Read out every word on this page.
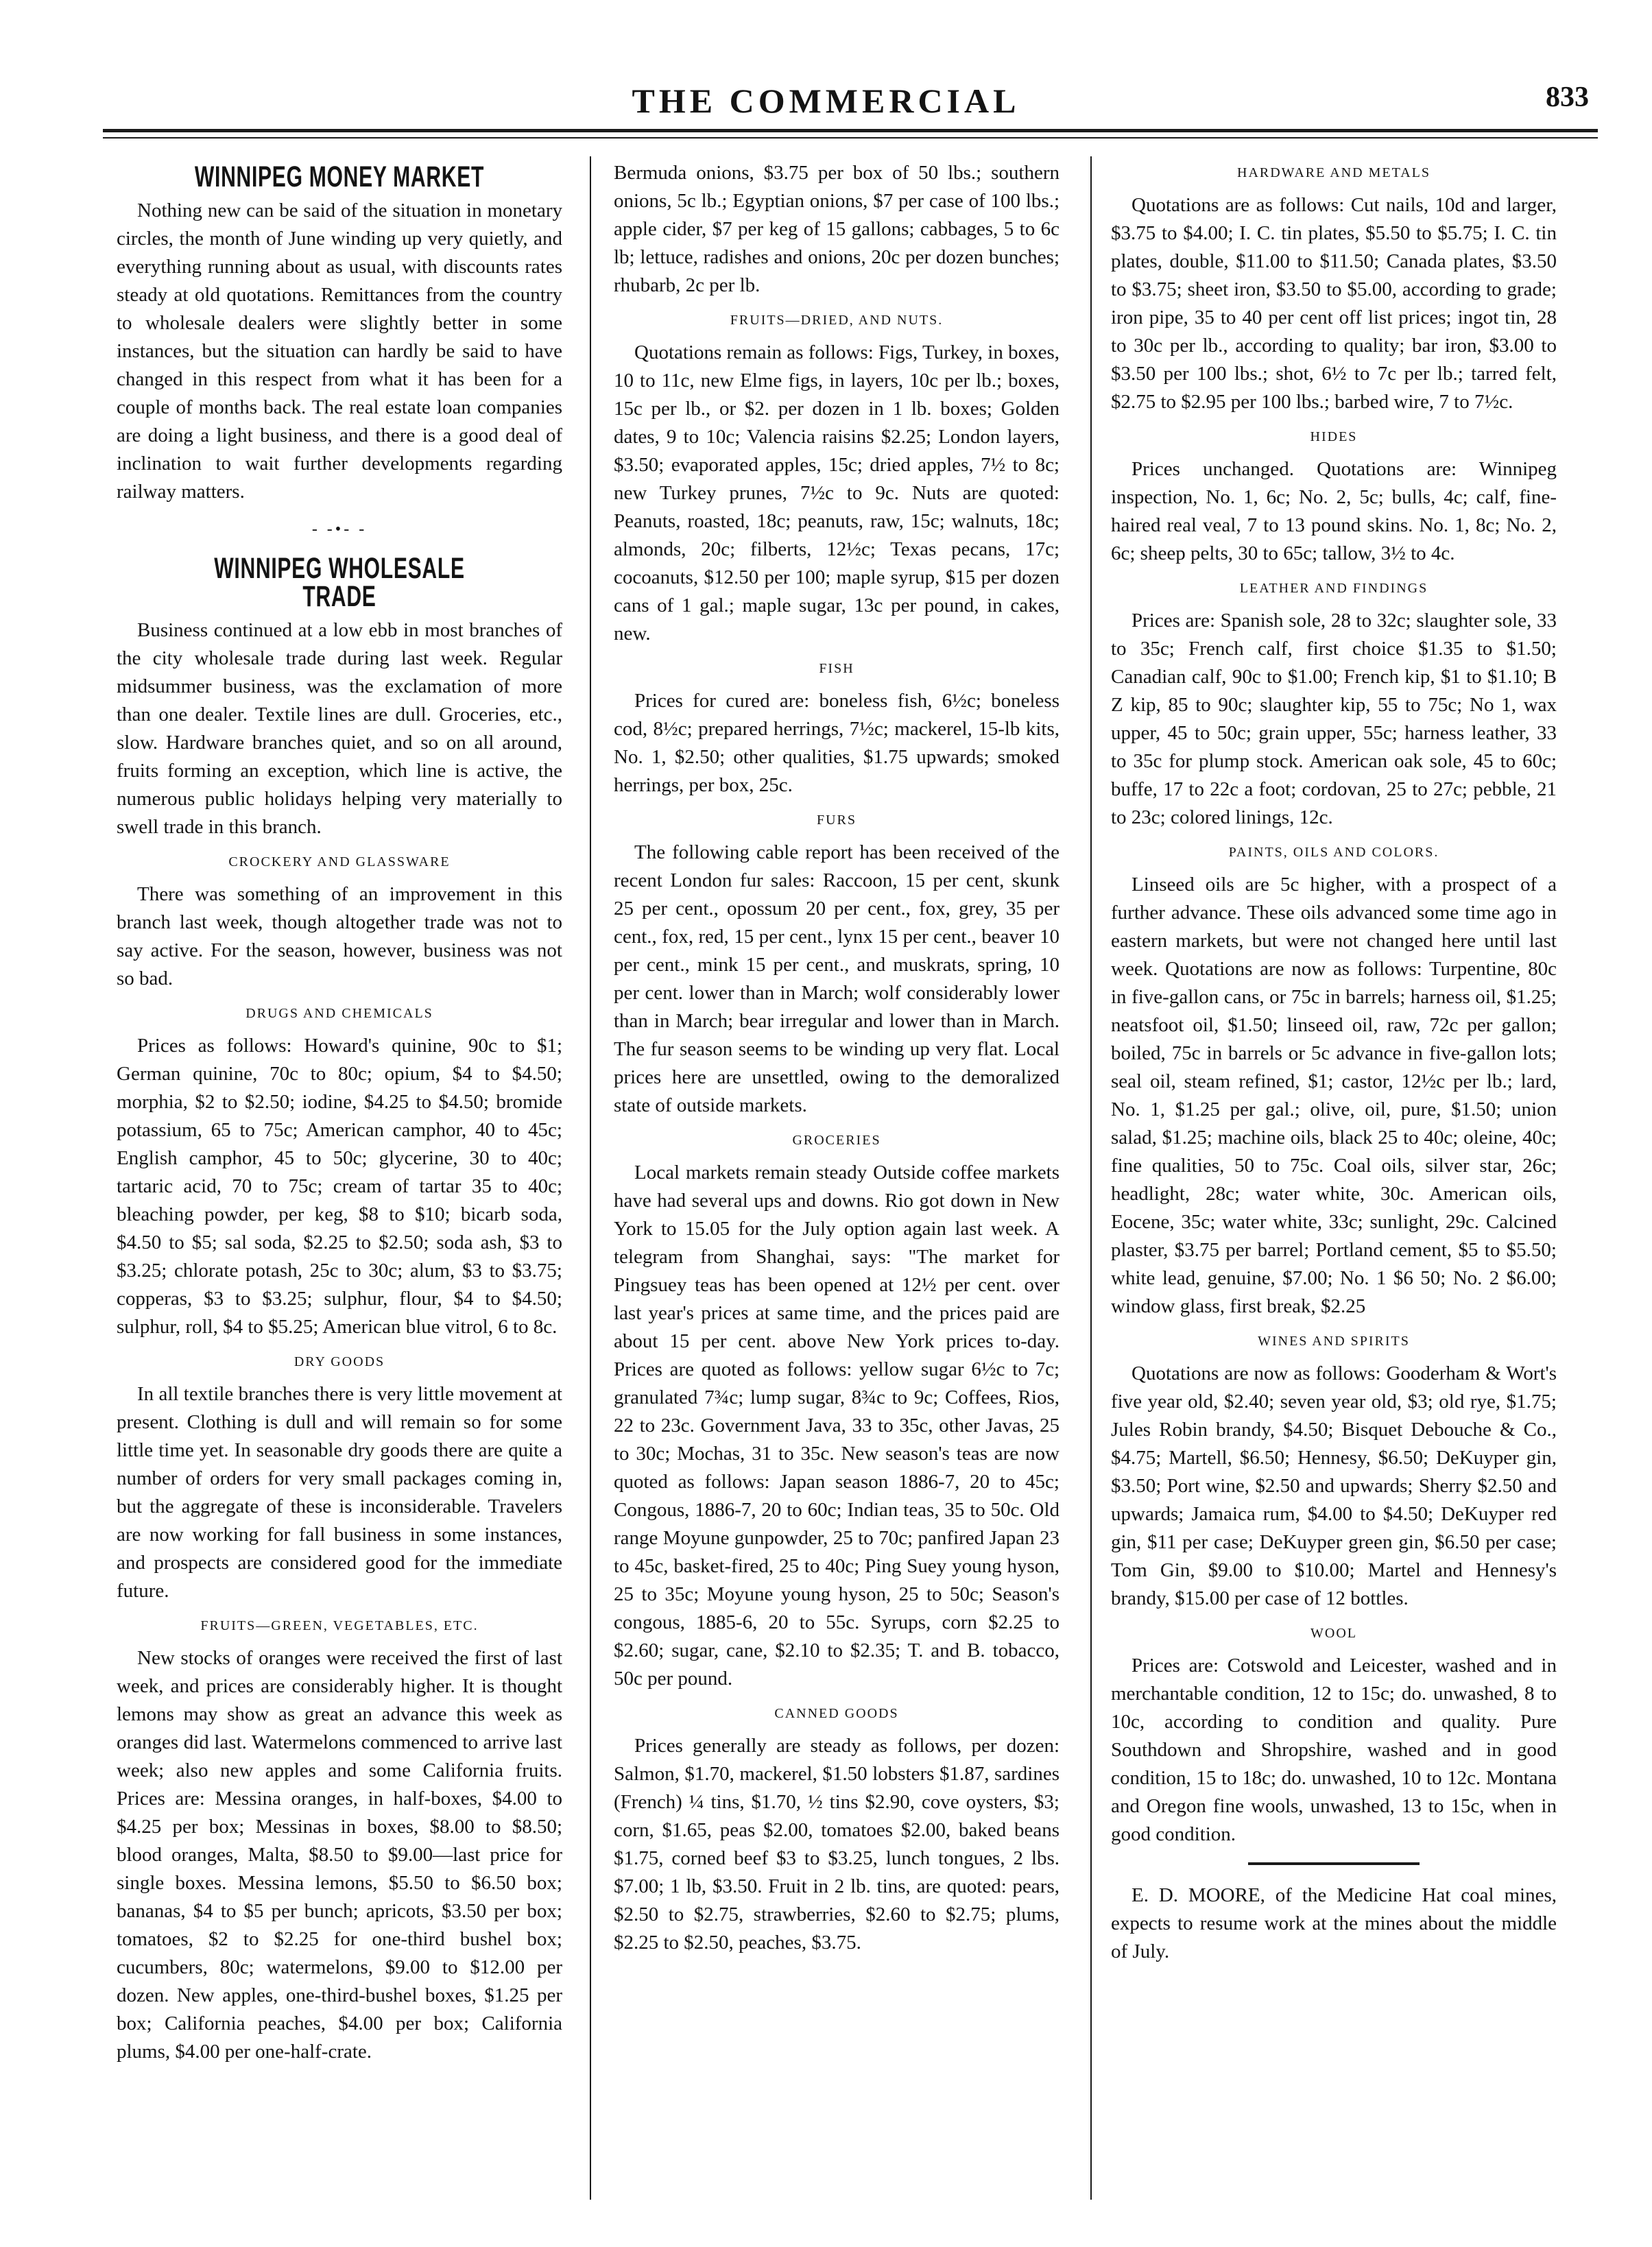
THE COMMERCIAL	833
WINNIPEG MONEY MARKET

Nothing new can be said of the situation in monetary circles, the month of June winding up very quietly, and everything running about as usual, with discounts rates steady at old quotations. Remittances from the country to wholesale dealers were slightly better in some instances, but the situation can hardly be said to have changed in this respect from what it has been for a couple of months back. The real estate loan companies are doing a light business, and there is a good deal of inclination to wait further developments regarding railway matters.

- -•- -
WINNIPEG WHOLESALE TRADE

Business continued at a low ebb in most branches of the city wholesale trade during last week. Regular midsummer business, was the exclamation of more than one dealer. Textile lines are dull. Groceries, etc., slow. Hardware branches quiet, and so on all around, fruits forming an exception, which line is active, the numerous public holidays helping very materially to swell trade in this branch.

CROCKERY AND GLASSWARE

There was something of an improvement in this branch last week, though altogether trade was not to say active. For the season, however, business was not so bad.

DRUGS AND CHEMICALS

Prices as follows: Howard's quinine, 90c to $1; German quinine, 70c to 80c; opium, $4 to $4.50; morphia, $2 to $2.50; iodine, $4.25 to $4.50; bromide potassium, 65 to 75c; American camphor, 40 to 45c; English camphor, 45 to 50c; glycerine, 30 to 40c; tartaric acid, 70 to 75c; cream of tartar 35 to 40c; bleaching powder, per keg, $8 to $10; bicarb soda, $4.50 to $5; sal soda, $2.25 to $2.50; soda ash, $3 to $3.25; chlorate potash, 25c to 30c; alum, $3 to $3.75; copperas, $3 to $3.25; sulphur, flour, $4 to $4.50; sulphur, roll, $4 to $5.25; American blue vitrol, 6 to 8c.

DRY GOODS

In all textile branches there is very little movement at present. Clothing is dull and will remain so for some little time yet. In seasonable dry goods there are quite a number of orders for very small packages coming in, but the aggregate of these is inconsiderable. Travelers are now working for fall business in some instances, and prospects are considered good for the immediate future.

FRUITS—GREEN, VEGETABLES, ETC.

New stocks of oranges were received the first of last week, and prices are considerably higher. It is thought lemons may show as great an advance this week as oranges did last. Watermelons commenced to arrive last week; also new apples and some California fruits. Prices are: Messina oranges, in half-boxes, $4.00 to $4.25 per box; Messinas in boxes, $8.00 to $8.50; blood oranges, Malta, $8.50 to $9.00—last price for single boxes. Messina lemons, $5.50 to $6.50 box; bananas, $4 to $5 per bunch; apricots, $3.50 per box; tomatoes, $2 to $2.25 for one-third bushel box; cucumbers, 80c; watermelons, $9.00 to $12.00 per dozen. New apples, one-third-bushel boxes, $1.25 per box; California peaches, $4.00 per box; California plums, $4.00 per one-half-crate.

Bermuda onions, $3.75 per box of 50 lbs.; southern onions, 5c lb.; Egyptian onions, $7 per case of 100 lbs.; apple cider, $7 per keg of 15 gallons; cabbages, 5 to 6c lb; lettuce, radishes and onions, 20c per dozen bunches; rhubarb, 2c per lb.

FRUITS—DRIED, AND NUTS.

Quotations remain as follows: Figs, Turkey, in boxes, 10 to 11c, new Elme figs, in layers, 10c per lb.; boxes, 15c per lb., or $2. per dozen in 1 lb. boxes; Golden dates, 9 to 10c; Valencia raisins $2.25; London layers, $3.50; evaporated apples, 15c; dried apples, 7½ to 8c; new Turkey prunes, 7½c to 9c. Nuts are quoted: Peanuts, roasted, 18c; peanuts, raw, 15c; walnuts, 18c; almonds, 20c; filberts, 12½c; Texas pecans, 17c; cocoanuts, $12.50 per 100; maple syrup, $15 per dozen cans of 1 gal.; maple sugar, 13c per pound, in cakes, new.

FISH

Prices for cured are: boneless fish, 6½c; boneless cod, 8½c; prepared herrings, 7½c; mackerel, 15-lb kits, No. 1, $2.50; other qualities, $1.75 upwards; smoked herrings, per box, 25c.

FURS

The following cable report has been received of the recent London fur sales: Raccoon, 15 per cent, skunk 25 per cent., opossum 20 per cent., fox, grey, 35 per cent., fox, red, 15 per cent., lynx 15 per cent., beaver 10 per cent., mink 15 per cent., and muskrats, spring, 10 per cent. lower than in March; wolf considerably lower than in March; bear irregular and lower than in March. The fur season seems to be winding up very flat. Local prices here are unsettled, owing to the demoralized state of outside markets.

GROCERIES

Local markets remain steady Outside coffee markets have had several ups and downs. Rio got down in New York to 15.05 for the July option again last week. A telegram from Shanghai, says: "The market for Pingsuey teas has been opened at 12½ per cent. over last year's prices at same time, and the prices paid are about 15 per cent. above New York prices to-day. Prices are quoted as follows: yellow sugar 6½c to 7c; granulated 7¾c; lump sugar, 8¾c to 9c; Coffees, Rios, 22 to 23c. Government Java, 33 to 35c, other Javas, 25 to 30c; Mochas, 31 to 35c. New season's teas are now quoted as follows: Japan season 1886-7, 20 to 45c; Congous, 1886-7, 20 to 60c; Indian teas, 35 to 50c. Old range Moyune gunpowder, 25 to 70c; panfired Japan 23 to 45c, basket-fired, 25 to 40c; Ping Suey young hyson, 25 to 35c; Moyune young hyson, 25 to 50c; Season's congous, 1885-6, 20 to 55c. Syrups, corn $2.25 to $2.60; sugar, cane, $2.10 to $2.35; T. and B. tobacco, 50c per pound.

CANNED GOODS

Prices generally are steady as follows, per dozen: Salmon, $1.70, mackerel, $1.50 lobsters $1.87, sardines (French) ¼ tins, $1.70, ½ tins $2.90, cove oysters, $3; corn, $1.65, peas $2.00, tomatoes $2.00, baked beans $1.75, corned beef $3 to $3.25, lunch tongues, 2 lbs. $7.00; 1 lb, $3.50. Fruit in 2 lb. tins, are quoted: pears, $2.50 to $2.75, strawberries, $2.60 to $2.75; plums, $2.25 to $2.50, peaches, $3.75.

HARDWARE AND METALS

Quotations are as follows: Cut nails, 10d and larger, $3.75 to $4.00; I. C. tin plates, $5.50 to $5.75; I. C. tin plates, double, $11.00 to $11.50; Canada plates, $3.50 to $3.75; sheet iron, $3.50 to $5.00, according to grade; iron pipe, 35 to 40 per cent off list prices; ingot tin, 28 to 30c per lb., according to quality; bar iron, $3.00 to $3.50 per 100 lbs.; shot, 6½ to 7c per lb.; tarred felt, $2.75 to $2.95 per 100 lbs.; barbed wire, 7 to 7½c.

HIDES

Prices unchanged. Quotations are: Winnipeg inspection, No. 1, 6c; No. 2, 5c; bulls, 4c; calf, fine-haired real veal, 7 to 13 pound skins. No. 1, 8c; No. 2, 6c; sheep pelts, 30 to 65c; tallow, 3½ to 4c.

LEATHER AND FINDINGS

Prices are: Spanish sole, 28 to 32c; slaughter sole, 33 to 35c; French calf, first choice $1.35 to $1.50; Canadian calf, 90c to $1.00; French kip, $1 to $1.10; B Z kip, 85 to 90c; slaughter kip, 55 to 75c; No 1, wax upper, 45 to 50c; grain upper, 55c; harness leather, 33 to 35c for plump stock. American oak sole, 45 to 60c; buffe, 17 to 22c a foot; cordovan, 25 to 27c; pebble, 21 to 23c; colored linings, 12c.

PAINTS, OILS AND COLORS.

Linseed oils are 5c higher, with a prospect of a further advance. These oils advanced some time ago in eastern markets, but were not changed here until last week. Quotations are now as follows: Turpentine, 80c in five-gallon cans, or 75c in barrels; harness oil, $1.25; neatsfoot oil, $1.50; linseed oil, raw, 72c per gallon; boiled, 75c in barrels or 5c advance in five-gallon lots; seal oil, steam refined, $1; castor, 12½c per lb.; lard, No. 1, $1.25 per gal.; olive, oil, pure, $1.50; union salad, $1.25; machine oils, black 25 to 40c; oleine, 40c; fine qualities, 50 to 75c. Coal oils, silver star, 26c; headlight, 28c; water white, 30c. American oils, Eocene, 35c; water white, 33c; sunlight, 29c. Calcined plaster, $3.75 per barrel; Portland cement, $5 to $5.50; white lead, genuine, $7.00; No. 1 $6 50; No. 2 $6.00; window glass, first break, $2.25

WINES AND SPIRITS

Quotations are now as follows: Gooderham & Wort's five year old, $2.40; seven year old, $3; old rye, $1.75; Jules Robin brandy, $4.50; Bisquet Debouche & Co., $4.75; Martell, $6.50; Hennesy, $6.50; DeKuyper gin, $3.50; Port wine, $2.50 and upwards; Sherry $2.50 and upwards; Jamaica rum, $4.00 to $4.50; DeKuyper red gin, $11 per case; DeKuyper green gin, $6.50 per case; Tom Gin, $9.00 to $10.00; Martel and Hennesy's brandy, $15.00 per case of 12 bottles.

WOOL

Prices are: Cotswold and Leicester, washed and in merchantable condition, 12 to 15c; do. unwashed, 8 to 10c, according to condition and quality. Pure Southdown and Shropshire, washed and in good condition, 15 to 18c; do. unwashed, 10 to 12c. Montana and Oregon fine wools, unwashed, 13 to 15c, when in good condition.

E. D. MOORE, of the Medicine Hat coal mines, expects to resume work at the mines about the middle of July.
